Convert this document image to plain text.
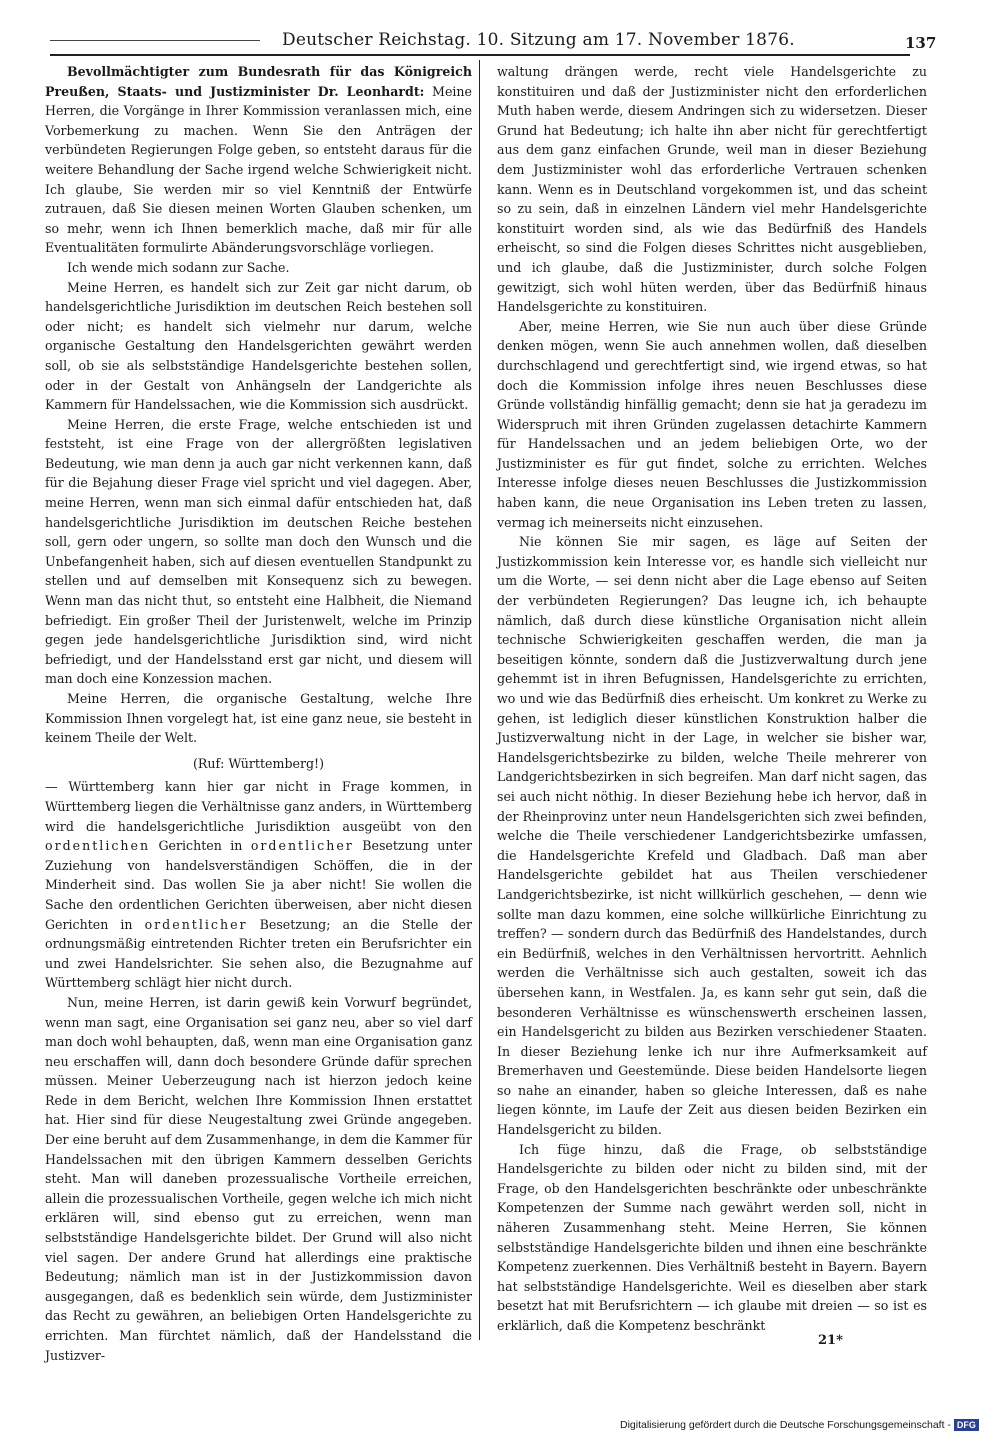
Deutscher Reichstag. 10. Sitzung am 17. November 1876.	137

Bevollmächtigter zum Bundesrath für das Königreich Preußen, Staats- und Justizminister Dr. Leonhardt: Meine Herren, die Vorgänge in Ihrer Kommission veranlassen mich, eine Vorbemerkung zu machen. Wenn Sie den Anträgen der verbündeten Regierungen Folge geben, so entsteht daraus für die weitere Behandlung der Sache irgend welche Schwierigkeit nicht. Ich glaube, Sie werden mir so viel Kenntniß der Entwürfe zutrauen, daß Sie diesen meinen Worten Glauben schenken, um so mehr, wenn ich Ihnen bemerklich mache, daß mir für alle Eventualitäten formulirte Abänderungsvorschläge vorliegen.

Ich wende mich sodann zur Sache.

Meine Herren, es handelt sich zur Zeit gar nicht darum, ob handelsgerichtliche Jurisdiktion im deutschen Reich bestehen soll oder nicht; es handelt sich vielmehr nur darum, welche organische Gestaltung den Handelsgerichten gewährt werden soll, ob sie als selbstständige Handelsgerichte bestehen sollen, oder in der Gestalt von Anhängseln der Landgerichte als Kammern für Handelssachen, wie die Kommission sich ausdrückt.

Meine Herren, die erste Frage, welche entschieden ist und feststeht, ist eine Frage von der allergrößten legislativen Bedeutung, wie man denn ja auch gar nicht verkennen kann, daß für die Bejahung dieser Frage viel spricht und viel dagegen. Aber, meine Herren, wenn man sich einmal dafür entschieden hat, daß handelsgerichtliche Jurisdiktion im deutschen Reiche bestehen soll, gern oder ungern, so sollte man doch den Wunsch und die Unbefangenheit haben, sich auf diesen eventuellen Standpunkt zu stellen und auf demselben mit Konsequenz sich zu bewegen. Wenn man das nicht thut, so entsteht eine Halbheit, die Niemand befriedigt. Ein großer Theil der Juristenwelt, welche im Prinzip gegen jede handelsgerichtliche Jurisdiktion sind, wird nicht befriedigt, und der Handelsstand erst gar nicht, und diesem will man doch eine Konzession machen.

Meine Herren, die organische Gestaltung, welche Ihre Kommission Ihnen vorgelegt hat, ist eine ganz neue, sie besteht in keinem Theile der Welt.

(Ruf: Württemberg!)

— Württemberg kann hier gar nicht in Frage kommen, in Württemberg liegen die Verhältnisse ganz anders, in Württemberg wird die handelsgerichtliche Jurisdiktion ausgeübt von den ordentlichen Gerichten in ordentlicher Besetzung unter Zuziehung von handelsverständigen Schöffen, die in der Minderheit sind. Das wollen Sie ja aber nicht! Sie wollen die Sache den ordentlichen Gerichten überweisen, aber nicht diesen Gerichten in ordentlicher Besetzung; an die Stelle der ordnungsmäßig eintretenden Richter treten ein Berufsrichter ein und zwei Handelsrichter. Sie sehen also, die Bezugnahme auf Württemberg schlägt hier nicht durch.

Nun, meine Herren, ist darin gewiß kein Vorwurf begründet, wenn man sagt, eine Organisation sei ganz neu, aber so viel darf man doch wohl behaupten, daß, wenn man eine Organisation ganz neu erschaffen will, dann doch besondere Gründe dafür sprechen müssen. Meiner Ueberzeugung nach ist hierzon jedoch keine Rede in dem Bericht, welchen Ihre Kommission Ihnen erstattet hat. Hier sind für diese Neugestaltung zwei Gründe angegeben. Der eine beruht auf dem Zusammenhange, in dem die Kammer für Handelssachen mit den übrigen Kammern desselben Gerichts steht. Man will daneben prozessualische Vortheile erreichen, allein die prozessualischen Vortheile, gegen welche ich mich nicht erklären will, sind ebenso gut zu erreichen, wenn man selbstständige Handelsgerichte bildet. Der Grund will also nicht viel sagen. Der andere Grund hat allerdings eine praktische Bedeutung; nämlich man ist in der Justizkommission davon ausgegangen, daß es bedenklich sein würde, dem Justizminister das Recht zu gewähren, an beliebigen Orten Handelsgerichte zu errichten. Man fürchtet nämlich, daß der Handelsstand die Justizver-

waltung drängen werde, recht viele Handelsgerichte zu konstituiren und daß der Justizminister nicht den erforderlichen Muth haben werde, diesem Andringen sich zu widersetzen. Dieser Grund hat Bedeutung; ich halte ihn aber nicht für gerechtfertigt aus dem ganz einfachen Grunde, weil man in dieser Beziehung dem Justizminister wohl das erforderliche Vertrauen schenken kann. Wenn es in Deutschland vorgekommen ist, und das scheint so zu sein, daß in einzelnen Ländern viel mehr Handelsgerichte konstituirt worden sind, als wie das Bedürfniß des Handels erheischt, so sind die Folgen dieses Schrittes nicht ausgeblieben, und ich glaube, daß die Justizminister, durch solche Folgen gewitzigt, sich wohl hüten werden, über das Bedürfniß hinaus Handelsgerichte zu konstituiren.

Aber, meine Herren, wie Sie nun auch über diese Gründe denken mögen, wenn Sie auch annehmen wollen, daß dieselben durchschlagend und gerechtfertigt sind, wie irgend etwas, so hat doch die Kommission infolge ihres neuen Beschlusses diese Gründe vollständig hinfällig gemacht; denn sie hat ja geradezu im Widerspruch mit ihren Gründen zugelassen detachirte Kammern für Handelssachen und an jedem beliebigen Orte, wo der Justizminister es für gut findet, solche zu errichten. Welches Interesse infolge dieses neuen Beschlusses die Justizkommission haben kann, die neue Organisation ins Leben treten zu lassen, vermag ich meinerseits nicht einzusehen.

Nie können Sie mir sagen, es läge auf Seiten der Justizkommission kein Interesse vor, es handle sich vielleicht nur um die Worte, — sei denn nicht aber die Lage ebenso auf Seiten der verbündeten Regierungen? Das leugne ich, ich behaupte nämlich, daß durch diese künstliche Organisation nicht allein technische Schwierigkeiten geschaffen werden, die man ja beseitigen könnte, sondern daß die Justizverwaltung durch jene gehemmt ist in ihren Befugnissen, Handelsgerichte zu errichten, wo und wie das Bedürfniß dies erheischt. Um konkret zu Werke zu gehen, ist lediglich dieser künstlichen Konstruktion halber die Justizverwaltung nicht in der Lage, in welcher sie bisher war, Handelsgerichtsbezirke zu bilden, welche Theile mehrerer von Landgerichtsbezirken in sich begreifen. Man darf nicht sagen, das sei auch nicht nöthig. In dieser Beziehung hebe ich hervor, daß in der Rheinprovinz unter neun Handelsgerichten sich zwei befinden, welche die Theile verschiedener Landgerichtsbezirke umfassen, die Handelsgerichte Krefeld und Gladbach. Daß man aber Handelsgerichte gebildet hat aus Theilen verschiedener Landgerichtsbezirke, ist nicht willkürlich geschehen, — denn wie sollte man dazu kommen, eine solche willkürliche Einrichtung zu treffen? — sondern durch das Bedürfniß des Handelstandes, durch ein Bedürfniß, welches in den Verhältnissen hervortritt. Aehnlich werden die Verhältnisse sich auch gestalten, soweit ich das übersehen kann, in Westfalen. Ja, es kann sehr gut sein, daß die besonderen Verhältnisse es wünschenswerth erscheinen lassen, ein Handelsgericht zu bilden aus Bezirken verschiedener Staaten. In dieser Beziehung lenke ich nur ihre Aufmerksamkeit auf Bremerhaven und Geestemünde. Diese beiden Handelsorte liegen so nahe an einander, haben so gleiche Interessen, daß es nahe liegen könnte, im Laufe der Zeit aus diesen beiden Bezirken ein Handelsgericht zu bilden.

Ich füge hinzu, daß die Frage, ob selbstständige Handelsgerichte zu bilden oder nicht zu bilden sind, mit der Frage, ob den Handelsgerichten beschränkte oder unbeschränkte Kompetenzen der Summe nach gewährt werden soll, nicht in näheren Zusammenhang steht. Meine Herren, Sie können selbstständige Handelsgerichte bilden und ihnen eine beschränkte Kompetenz zuerkennen. Dies Verhältniß besteht in Bayern. Bayern hat selbstständige Handelsgerichte. Weil es dieselben aber stark besetzt hat mit Berufsrichtern — ich glaube mit dreien — so ist es erklärlich, daß die Kompetenz beschränkt

21*
Digitalisierung gefördert durch die Deutsche Forschungsgemeinschaft - DFG
